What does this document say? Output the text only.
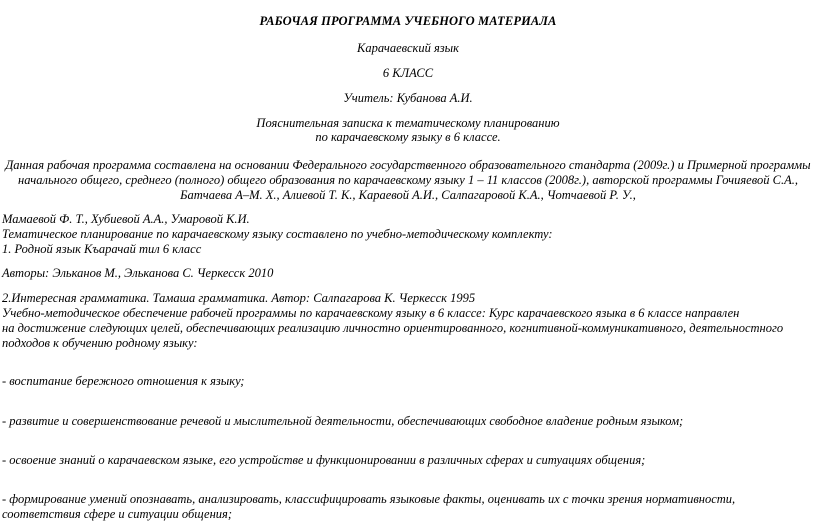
РАБОЧАЯ ПРОГРАММА УЧЕБНОГО МАТЕРИАЛА
Карачаевский язык
6 КЛАСС
Учитель: Кубанова А.И.
Пояснительная записка к тематическому планированию
по карачаевскому языку в 6 классе.
Данная рабочая программа составлена на основании Федерального государственного образовательного стандарта (2009г.) и Примерной программы
начального общего, среднего (полного) общего образования по карачаевскому языку 1 – 11 классов (2008г.), авторской программы Гочияевой С.А.,
Батчаева А–М. Х., Алиевой Т. К., Караевой А.И., Салпагаровой К.А., Чотчаевой Р. У.,
Мамаевой Ф. Т., Хубиевой А.А., Умаровой К.И.
Тематическое планирование по карачаевскому языку составлено по учебно-методическому комплекту:
1. Родной язык Къарачай тил 6 класс
Авторы: Эльканов М., Эльканова С. Черкесск 2010
2.Интересная грамматика. Тамаша грамматика. Автор: Салпагарова К. Черкесск 1995
Учебно-методическое обеспечение рабочей программы по карачаевскому языку в 6 классе: Курс карачаевского языка в 6 классе направлен
на достижение следующих целей, обеспечивающих реализацию личностно ориентированного, когнитивной-коммуникативного, деятельностного
подходов к обучению родному языку:
- воспитание бережного отношения к языку;
- развитие и совершенствование речевой и мыслительной деятельности, обеспечивающих свободное владение родным языком;
- освоение знаний о карачаевском языке, его устройстве и функционировании в различных сферах и ситуациях общения;
- формирование умений опознавать, анализировать, классифицировать языковые факты, оценивать их с точки зрения нормативности,
соответствия сфере и ситуации общения;
